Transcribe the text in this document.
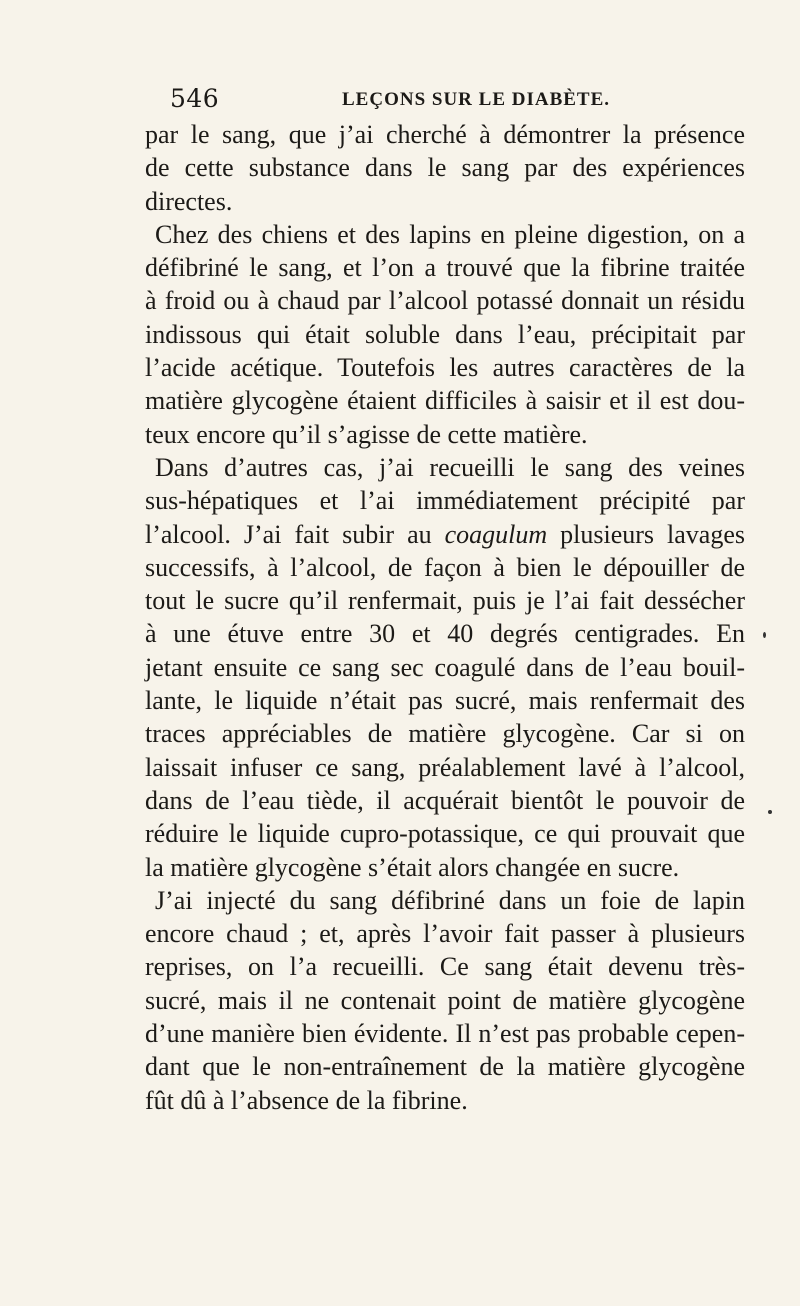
546	LEÇONS SUR LE DIABÈTE.
par le sang, que j’ai cherché à démontrer la présence
de cette substance dans le sang par des expériences
directes.
Chez des chiens et des lapins en pleine digestion, on a
défibriné le sang, et l’on a trouvé que la fibrine traitée
à froid ou à chaud par l’alcool potassé donnait un résidu
indissous qui était soluble dans l’eau, précipitait par
l’acide acétique. Toutefois les autres caractères de la
matière glycogène étaient difficiles à saisir et il est dou-
teux encore qu’il s’agisse de cette matière.
Dans d’autres cas, j’ai recueilli le sang des veines
sus-hépatiques et l’ai immédiatement précipité par
l’alcool. J’ai fait subir au coagulum plusieurs lavages
successifs, à l’alcool, de façon à bien le dépouiller de
tout le sucre qu’il renfermait, puis je l’ai fait dessécher
à une étuve entre 30 et 40 degrés centigrades. En
jetant ensuite ce sang sec coagulé dans de l’eau bouil-
lante, le liquide n’était pas sucré, mais renfermait des
traces appréciables de matière glycogène. Car si on
laissait infuser ce sang, préalablement lavé à l’alcool,
dans de l’eau tiède, il acquérait bientôt le pouvoir de
réduire le liquide cupro-potassique, ce qui prouvait que
la matière glycogène s’était alors changée en sucre.
J’ai injecté du sang défibriné dans un foie de lapin
encore chaud ; et, après l’avoir fait passer à plusieurs
reprises, on l’a recueilli. Ce sang était devenu très-
sucré, mais il ne contenait point de matière glycogène
d’une manière bien évidente. Il n’est pas probable cepen-
dant que le non-entraînement de la matière glycogène
fût dû à l’absence de la fibrine.
